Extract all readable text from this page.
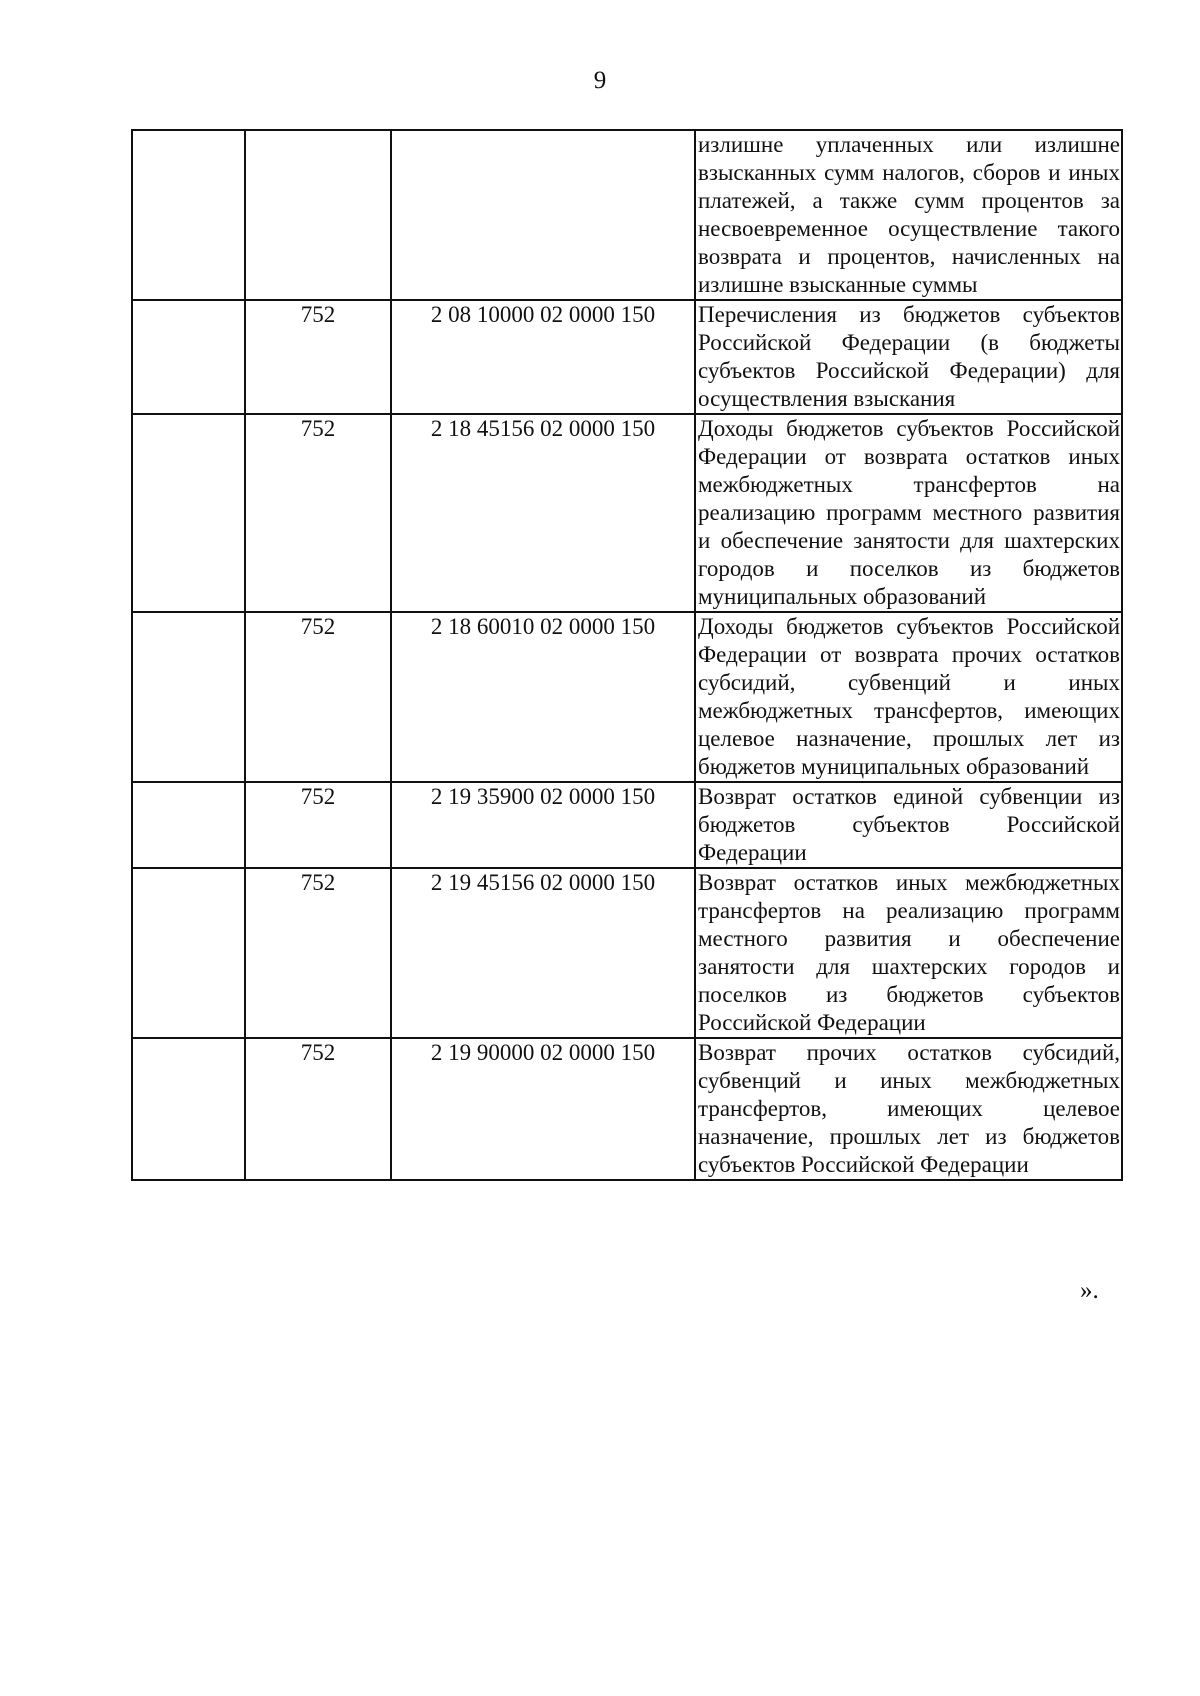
9
			излишне уплаченных или излишне взысканных сумм налогов, сборов и иных платежей, а также сумм процентов за несвоевременное осуществление такого возврата и процентов, начисленных на излишне взысканные суммы
	752	2 08 10000 02 0000 150	Перечисления из бюджетов субъектов Российской Федерации (в бюджеты субъектов Российской Федерации) для осуществления взыскания
	752	2 18 45156 02 0000 150	Доходы бюджетов субъектов Российской Федерации от возврата остатков иных межбюджетных трансфертов на реализацию программ местного развития и обеспечение занятости для шахтерских городов и поселков из бюджетов муниципальных образований
	752	2 18 60010 02 0000 150	Доходы бюджетов субъектов Российской Федерации от возврата прочих остатков субсидий, субвенций и иных межбюджетных трансфертов, имеющих целевое назначение, прошлых лет из бюджетов муниципальных образований
	752	2 19 35900 02 0000 150	Возврат остатков единой субвенции из бюджетов субъектов Российской Федерации
	752	2 19 45156 02 0000 150	Возврат остатков иных межбюджетных трансфертов на реализацию программ местного развития и обеспечение занятости для шахтерских городов и поселков из бюджетов субъектов Российской Федерации
	752	2 19 90000 02 0000 150	Возврат прочих остатков субсидий, субвенций и иных межбюджетных трансфертов, имеющих целевое назначение, прошлых лет из бюджетов субъектов Российской Федерации
».
